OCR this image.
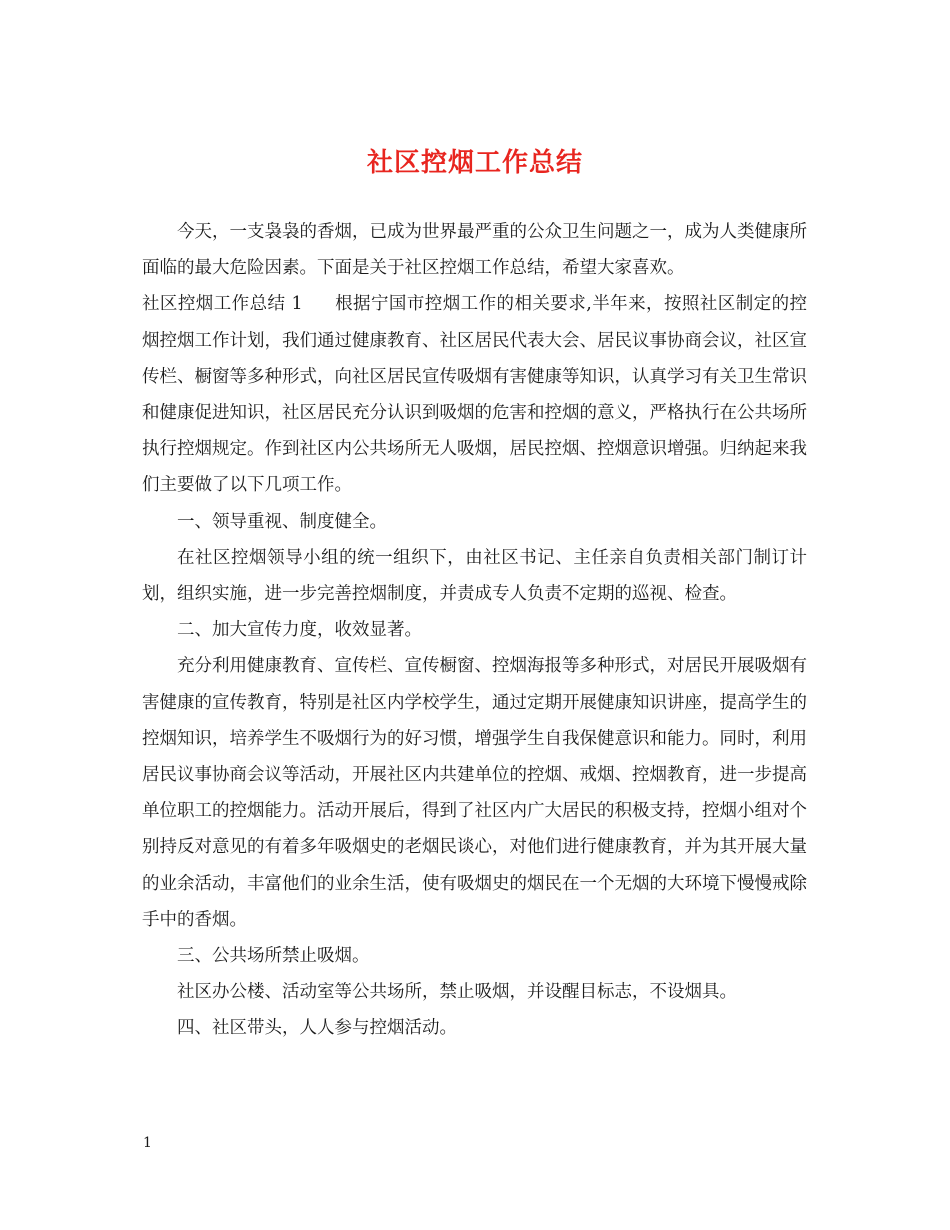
社区控烟工作总结

今天，一支袅袅的香烟，已成为世界最严重的公众卫生问题之一，成为人类健康所面临的最大危险因素。下面是关于社区控烟工作总结，希望大家喜欢。

社区控烟工作总结 1 根据宁国市控烟工作的相关要求,半年来，按照社区制定的控烟控烟工作计划，我们通过健康教育、社区居民代表大会、居民议事协商会议，社区宣传栏、橱窗等多种形式，向社区居民宣传吸烟有害健康等知识，认真学习有关卫生常识和健康促进知识，社区居民充分认识到吸烟的危害和控烟的意义，严格执行在公共场所执行控烟规定。作到社区内公共场所无人吸烟，居民控烟、控烟意识增强。归纳起来我们主要做了以下几项工作。

一、领导重视、制度健全。

在社区控烟领导小组的统一组织下，由社区书记、主任亲自负责相关部门制订计划，组织实施，进一步完善控烟制度，并责成专人负责不定期的巡视、检查。

二、加大宣传力度，收效显著。

充分利用健康教育、宣传栏、宣传橱窗、控烟海报等多种形式，对居民开展吸烟有害健康的宣传教育，特别是社区内学校学生，通过定期开展健康知识讲座，提高学生的控烟知识，培养学生不吸烟行为的好习惯，增强学生自我保健意识和能力。同时，利用居民议事协商会议等活动，开展社区内共建单位的控烟、戒烟、控烟教育，进一步提高单位职工的控烟能力。活动开展后，得到了社区内广大居民的积极支持，控烟小组对个别持反对意见的有着多年吸烟史的老烟民谈心，对他们进行健康教育，并为其开展大量的业余活动，丰富他们的业余生活，使有吸烟史的烟民在一个无烟的大环境下慢慢戒除手中的香烟。

三、公共场所禁止吸烟。

社区办公楼、活动室等公共场所，禁止吸烟，并设醒目标志，不设烟具。

四、社区带头，人人参与控烟活动。

1
